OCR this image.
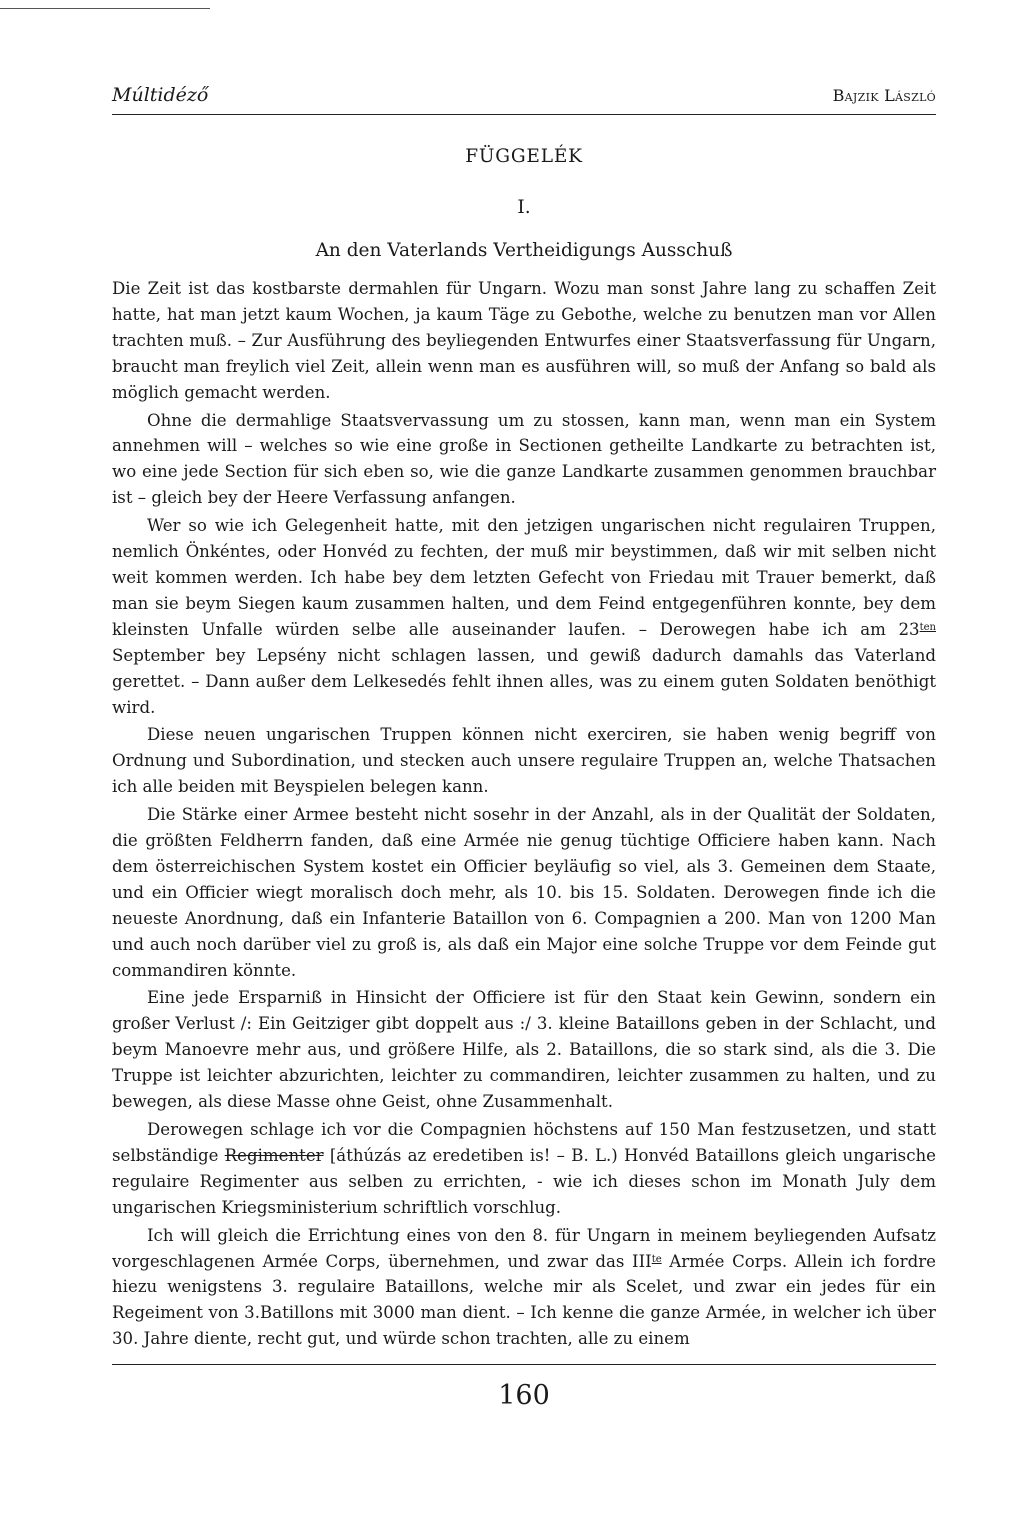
Múltidéző	Bajzik László
FÜGGELÉK
I.
An den Vaterlands Vertheidigungs Ausschuß

Die Zeit ist das kostbarste dermahlen für Ungarn. Wozu man sonst Jahre lang zu schaffen Zeit hatte, hat man jetzt kaum Wochen, ja kaum Täge zu Gebothe, welche zu benutzen man vor Allen trachten muß. – Zur Ausführung des beyliegenden Entwurfes einer Staatsverfassung für Ungarn, braucht man freylich viel Zeit, allein wenn man es ausführen will, so muß der Anfang so bald als möglich gemacht werden.

Ohne die dermahlige Staatsvervassung um zu stossen, kann man, wenn man ein System annehmen will – welches so wie eine große in Sectionen getheilte Landkarte zu betrachten ist, wo eine jede Section für sich eben so, wie die ganze Landkarte zusammen genommen brauchbar ist – gleich bey der Heere Verfassung anfangen.

Wer so wie ich Gelegenheit hatte, mit den jetzigen ungarischen nicht regulairen Truppen, nemlich Önkéntes, oder Honvéd zu fechten, der muß mir beystimmen, daß wir mit selben nicht weit kommen werden. Ich habe bey dem letzten Gefecht von Friedau mit Trauer bemerkt, daß man sie beym Siegen kaum zusammen halten, und dem Feind entgegenführen konnte, bey dem kleinsten Unfalle würden selbe alle auseinander laufen. – Derowegen habe ich am $23^{ten}$ September bey Lepsény nicht schlagen lassen, und gewiß dadurch damahls das Vaterland gerettet. – Dann außer dem Lelkesedés fehlt ihnen alles, was zu einem guten Soldaten benöthigt wird.

Diese neuen ungarischen Truppen können nicht exerciren, sie haben wenig begriff von Ordnung und Subordination, und stecken auch unsere regulaire Truppen an, welche Thatsachen ich alle beiden mit Beyspielen belegen kann.

Die Stärke einer Armee besteht nicht sosehr in der Anzahl, als in der Qualität der Soldaten, die größten Feldherrn fanden, daß eine Armée nie genug tüchtige Officiere haben kann. Nach dem österreichischen System kostet ein Officier beyläufig so viel, als 3. Gemeinen dem Staate, und ein Officier wiegt moralisch doch mehr, als 10. bis 15. Soldaten. Derowegen finde ich die neueste Anordnung, daß ein Infanterie Bataillon von 6. Compagnien a 200. Man von 1200 Man und auch noch darüber viel zu groß is, als daß ein Major eine solche Truppe vor dem Feinde gut commandiren könnte.

Eine jede Ersparniß in Hinsicht der Officiere ist für den Staat kein Gewinn, sondern ein großer Verlust /: Ein Geitziger gibt doppelt aus :/ 3. kleine Bataillons geben in der Schlacht, und beym Manoevre mehr aus, und größere Hilfe, als 2. Bataillons, die so stark sind, als die 3. Die Truppe ist leichter abzurichten, leichter zu commandiren, leichter zusammen zu halten, und zu bewegen, als diese Masse ohne Geist, ohne Zusammenhalt.

Derowegen schlage ich vor die Compagnien höchstens auf 150 Man festzusetzen, und statt selbständige Regimenter [áthúzás az eredetiben is! – B. L.) Honvéd Bataillons gleich ungarische regulaire Regimenter aus selben zu errichten, - wie ich dieses schon im Monath July dem ungarischen Kriegsministerium schriftlich vorschlug.

Ich will gleich die Errichtung eines von den 8. für Ungarn in meinem beyliegenden Aufsatz vorgeschlagenen Armée Corps, übernehmen, und zwar das $III^{te}$ Armée Corps. Allein ich fordre hiezu wenigstens 3. regulaire Bataillons, welche mir als Scelet, und zwar ein jedes für ein Regeiment von 3.Batillons mit 3000 man dient. – Ich kenne die ganze Armée, in welcher ich über 30. Jahre diente, recht gut, und würde schon trachten, alle zu einem

160
